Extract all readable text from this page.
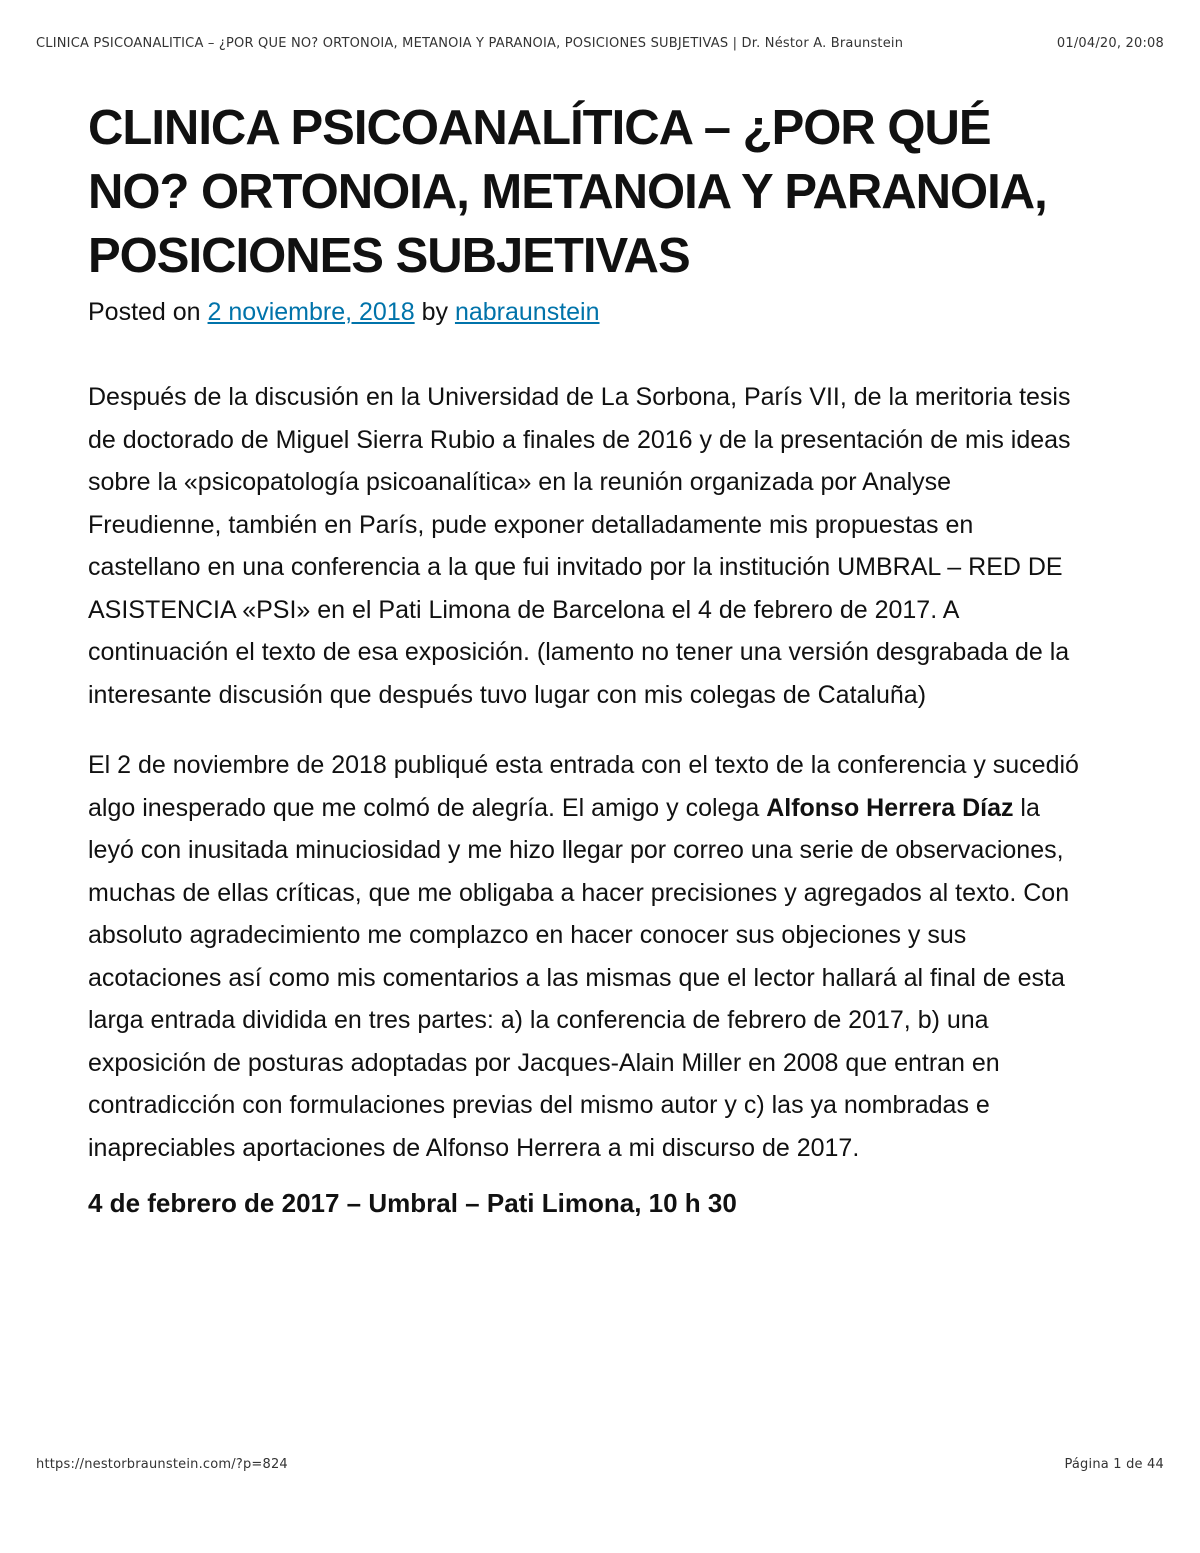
CLINICA PSICOANALITICA – ¿POR QUE NO? ORTONOIA, METANOIA Y PARANOIA, POSICIONES SUBJETIVAS | Dr. Néstor A. Braunstein	01/04/20, 20:08
CLINICA PSICOANALÍTICA – ¿POR QUÉ NO? ORTONOIA, METANOIA Y PARANOIA, POSICIONES SUBJETIVAS
Posted on 2 noviembre, 2018 by nabraunstein

Después de la discusión en la Universidad de La Sorbona, París VII, de la meritoria tesis de doctorado de Miguel Sierra Rubio a finales de 2016 y de la presentación de mis ideas sobre la «psicopatología psicoanalítica» en la reunión organizada por Analyse Freudienne, también en París, pude exponer detalladamente mis propuestas en castellano en una conferencia a la que fui invitado por la institución UMBRAL – RED DE ASISTENCIA «PSI» en el Pati Limona de Barcelona el 4 de febrero de 2017. A continuación el texto de esa exposición. (lamento no tener una versión desgrabada de la interesante discusión que después tuvo lugar con mis colegas de Cataluña)

El 2 de noviembre de 2018 publiqué esta entrada con el texto de la conferencia y sucedió algo inesperado que me colmó de alegría. El amigo y colega Alfonso Herrera Díaz la leyó con inusitada minuciosidad y me hizo llegar por correo una serie de observaciones, muchas de ellas críticas, que me obligaba a hacer precisiones y agregados al texto. Con absoluto agradecimiento me complazco en hacer conocer sus objeciones y sus acotaciones así como mis comentarios a las mismas que el lector hallará al final de esta larga entrada dividida en tres partes: a) la conferencia de febrero de 2017, b) una exposición de posturas adoptadas por Jacques-Alain Miller en 2008 que entran en contradicción con formulaciones previas del mismo autor y c) las ya nombradas e inapreciables aportaciones de Alfonso Herrera a mi discurso de 2017.

4 de febrero de 2017 – Umbral – Pati Limona, 10 h 30

https://nestorbraunstein.com/?p=824	Página 1 de 44
